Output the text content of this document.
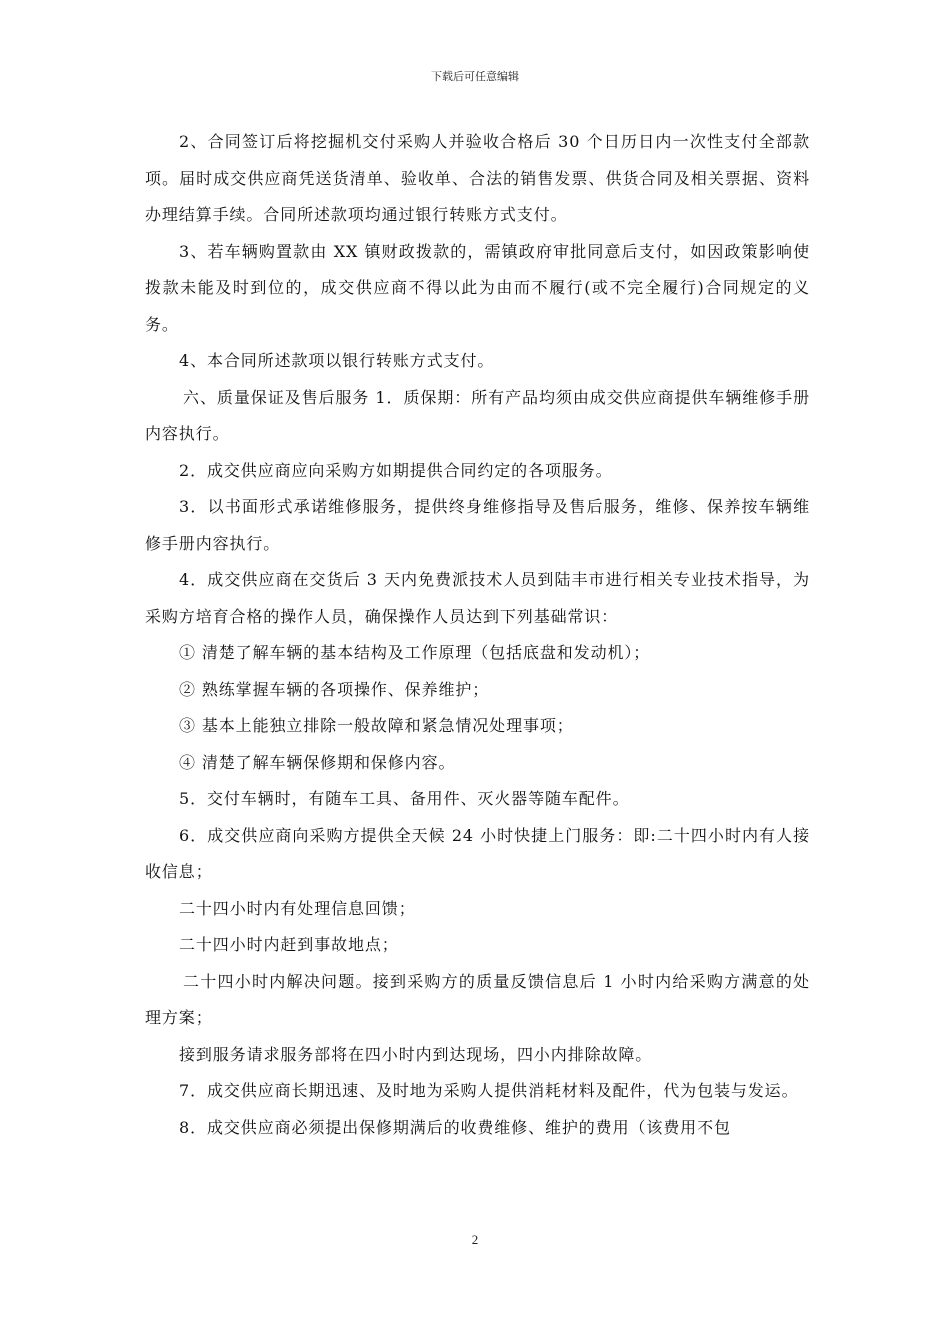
下载后可任意编辑

2、合同签订后将挖掘机交付采购人并验收合格后 30 个日历日内一次性支付全部款项。届时成交供应商凭送货清单、验收单、合法的销售发票、供货合同及相关票据、资料办理结算手续。合同所述款项均通过银行转账方式支付。

3、若车辆购置款由 XX 镇财政拨款的，需镇政府审批同意后支付，如因政策影响使拨款未能及时到位的，成交供应商不得以此为由而不履行(或不完全履行)合同规定的义务。

4、本合同所述款项以银行转账方式支付。

六、质量保证及售后服务 1．质保期：所有产品均须由成交供应商提供车辆维修手册内容执行。

2．成交供应商应向采购方如期提供合同约定的各项服务。

3．以书面形式承诺维修服务，提供终身维修指导及售后服务，维修、保养按车辆维修手册内容执行。

4．成交供应商在交货后 3 天内免费派技术人员到陆丰市进行相关专业技术指导，为采购方培育合格的操作人员，确保操作人员达到下列基础常识：

① 清楚了解车辆的基本结构及工作原理（包括底盘和发动机）；

② 熟练掌握车辆的各项操作、保养维护；

③ 基本上能独立排除一般故障和紧急情况处理事项；

④ 清楚了解车辆保修期和保修内容。

5．交付车辆时，有随车工具、备用件、灭火器等随车配件。

6．成交供应商向采购方提供全天候 24 小时快捷上门服务：即:二十四小时内有人接收信息；

二十四小时内有处理信息回馈；

二十四小时内赶到事故地点；

二十四小时内解决问题。接到采购方的质量反馈信息后 1 小时内给采购方满意的处理方案；

接到服务请求服务部将在四小时内到达现场，四小内排除故障。

7．成交供应商长期迅速、及时地为采购人提供消耗材料及配件，代为包装与发运。

8．成交供应商必须提出保修期满后的收费维修、维护的费用（该费用不包

2
